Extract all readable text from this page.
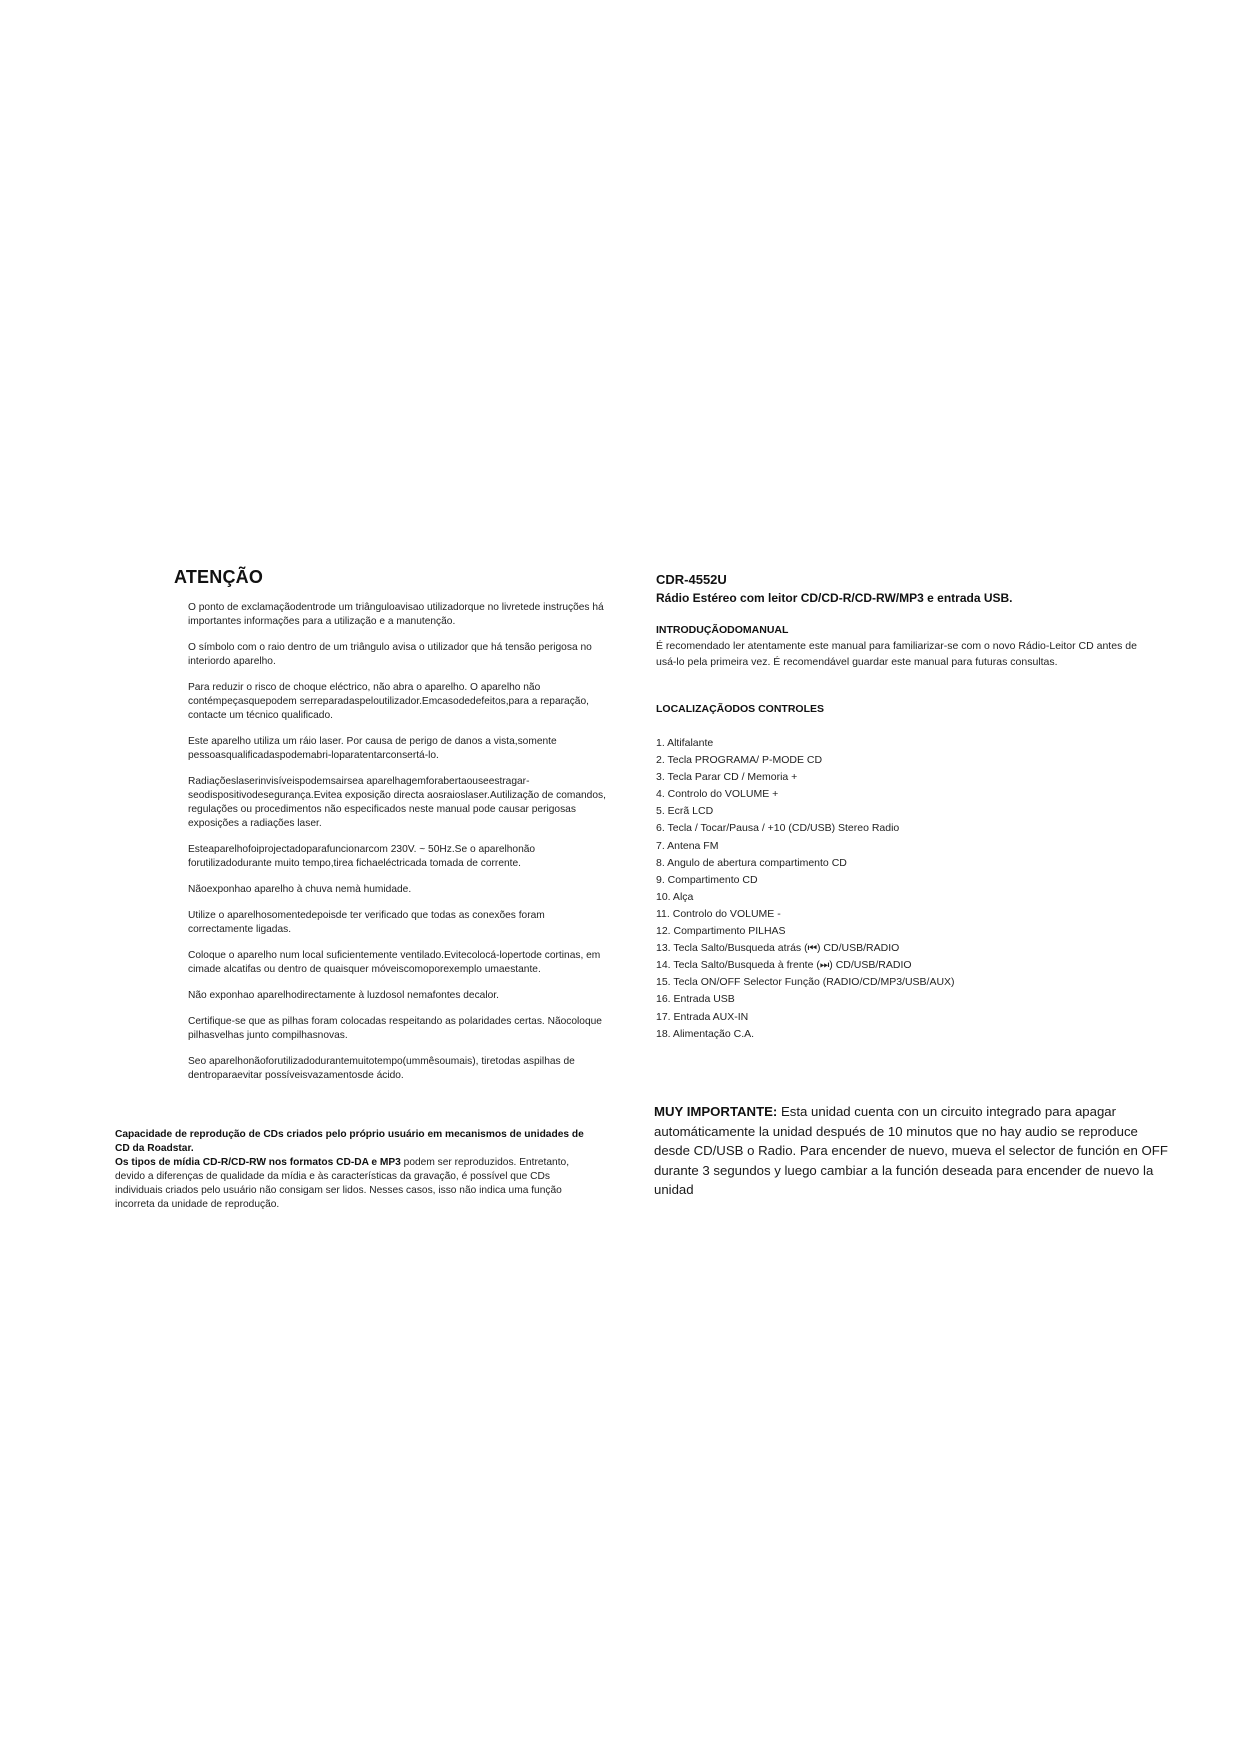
ATENÇÃO
O ponto de exclamaçãodentrode um triânguloavisao utilizadorque no livretede instruções há importantes informações para a utilização e a manutenção.
O símbolo com o raio dentro de um triângulo avisa o utilizador que há tensão perigosa no interiordo aparelho.
Para reduzir o risco de choque eléctrico, não abra o aparelho. O aparelho não contémpeçasquepodem serreparadaspeloutilizador.Emcasodedefeitos,para a reparação, contacte um técnico qualificado.
Este aparelho utiliza um ráio laser. Por causa de perigo de danos a vista,somente pessoasqualificadaspodemabri-loparatentarconsertá-lo.
Radiaçõeslaserinvisíveispodemsairsea aparelhagemforabertaouseestragar-seodispositivodesegurança.Evitea exposição directa aosraioslaser.Autilização de comandos, regulações ou procedimentos não especificados neste manual pode causar perigosas exposições a radiações laser.
Esteaparelhofoiprojectadoparafuncionarcom 230V. ~ 50Hz.Se o aparelhonão forutilizadodurante muito tempo,tirea fichaeléctricada tomada de corrente.
Nãoexponhao aparelho à chuva nemà humidade.
Utilize o aparelhosomentedepoisde ter verificado que todas as conexões foram correctamente ligadas.
Coloque o aparelho num local suficientemente ventilado.Evitecolocá-lopertode cortinas, em cimade alcatifas ou dentro de quaisquer móveiscomoporexemplo umaestante.
Não exponhao aparelhodirectamente à luzdosol nemafontes decalor.
Certifique-se que as pilhas foram colocadas respeitando as polaridades certas. Nãocoloque pilhasvelhas junto compilhasnovas.
Seo aparelhonãoforutilizadodurantemuitotempo(ummêsoumais), tiretodas aspilhas de dentroparaevitar possíveisvazamentosde ácido.
Capacidade de reprodução de CDs criados pelo próprio usuário em mecanismos de unidades de CD da Roadstar.
Os tipos de mídia CD-R/CD-RW nos formatos CD-DA e MP3 podem ser reproduzidos. Entretanto, devido a diferenças de qualidade da mídia e às características da gravação, é possível que CDs individuais criados pelo usuário não consigam ser lidos. Nesses casos, isso não indica uma função incorreta da unidade de reprodução.
CDR-4552U
Rádio Estéreo com leitor CD/CD-R/CD-RW/MP3 e entrada USB.
INTRODUÇÃODOMANUAL
É recomendado ler atentamente este manual para familiarizar-se com o novo Rádio-Leitor CD antes de usá-lo pela primeira vez. É recomendável guardar este manual para futuras consultas.
LOCALIZAÇÃODOS CONTROLES
1. Altifalante
2. Tecla PROGRAMA/ P-MODE CD
3. Tecla Parar CD / Memoria +
4. Controlo do VOLUME +
5. Ecrã LCD
6. Tecla / Tocar/Pausa / +10 (CD/USB) Stereo Radio
7. Antena FM
8. Angulo de abertura compartimento CD
9. Compartimento CD
10. Alça
11. Controlo do VOLUME -
12. Compartimento PILHAS
13. Tecla Salto/Busqueda atrás (⏮) CD/USB/RADIO
14. Tecla Salto/Busqueda à frente (⏭) CD/USB/RADIO
15. Tecla ON/OFF Selector Função (RADIO/CD/MP3/USB/AUX)
16. Entrada USB
17. Entrada AUX-IN
18. Alimentação C.A.
MUY IMPORTANTE: Esta unidad cuenta con un circuito integrado para apagar automáticamente la unidad después de 10 minutos que no hay audio se reproduce desde CD/USB o Radio. Para encender de nuevo, mueva el selector de función en OFF durante 3 segundos y luego cambiar a la función deseada para encender de nuevo la unidad
